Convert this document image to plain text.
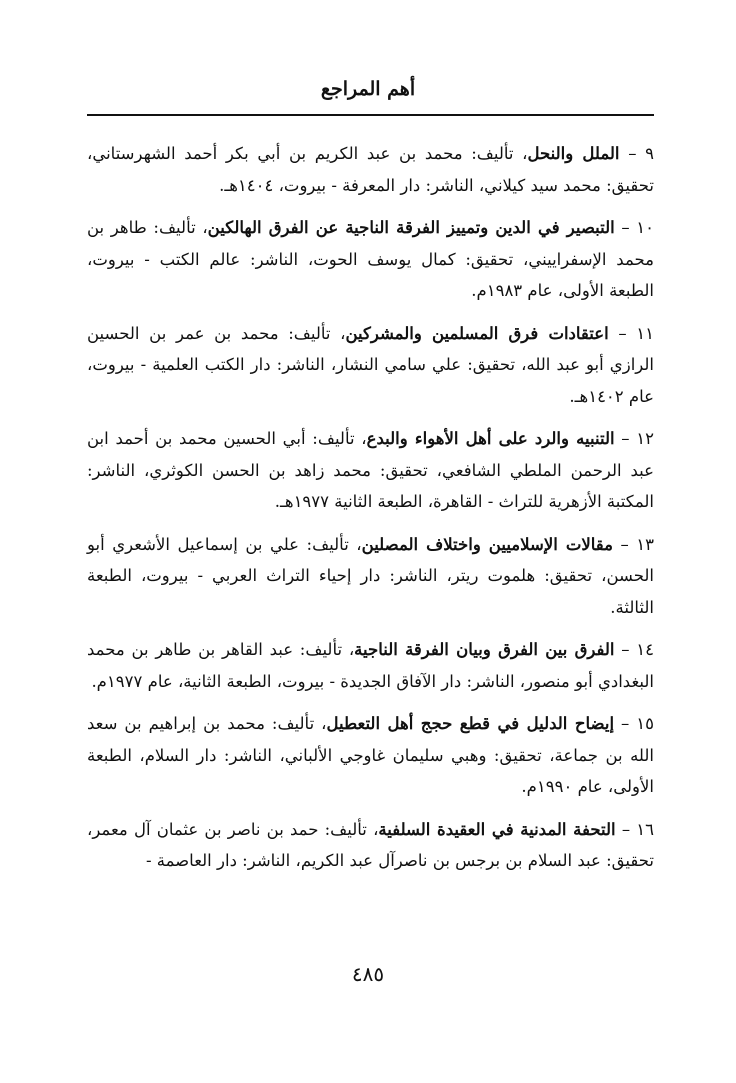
أهم المراجع

٩ – الملل والنحل، تأليف: محمد بن عبد الكريم بن أبي بكر أحمد الشهرستاني، تحقيق: محمد سيد كيلاني، الناشر: دار المعرفة - بيروت، ١٤٠٤هـ.

١٠ – التبصير في الدين وتمييز الفرقة الناجية عن الفرق الهالكين، تأليف: طاهر بن محمد الإسفراييني، تحقيق: كمال يوسف الحوت، الناشر: عالم الكتب - بيروت، الطبعة الأولى، عام ١٩٨٣م.

١١ – اعتقادات فرق المسلمين والمشركين، تأليف: محمد بن عمر بن الحسين الرازي أبو عبد الله، تحقيق: علي سامي النشار، الناشر: دار الكتب العلمية - بيروت، عام ١٤٠٢هـ.

١٢ – التنبيه والرد على أهل الأهواء والبدع، تأليف: أبي الحسين محمد بن أحمد ابن عبد الرحمن الملطي الشافعي، تحقيق: محمد زاهد بن الحسن الكوثري، الناشر: المكتبة الأزهرية للتراث - القاهرة، الطبعة الثانية ١٩٧٧هـ.

١٣ – مقالات الإسلاميين واختلاف المصلين، تأليف: علي بن إسماعيل الأشعري أبو الحسن، تحقيق: هلموت ريتر، الناشر: دار إحياء التراث العربي - بيروت، الطبعة الثالثة.

١٤ – الفرق بين الفرق وبيان الفرقة الناجية، تأليف: عبد القاهر بن طاهر بن محمد البغدادي أبو منصور، الناشر: دار الآفاق الجديدة - بيروت، الطبعة الثانية، عام ١٩٧٧م.

١٥ – إيضاح الدليل في قطع حجج أهل التعطيل، تأليف: محمد بن إبراهيم بن سعد الله بن جماعة، تحقيق: وهبي سليمان غاوجي الألباني، الناشر: دار السلام، الطبعة الأولى، عام ١٩٩٠م.

١٦ – التحفة المدنية في العقيدة السلفية، تأليف: حمد بن ناصر بن عثمان آل معمر، تحقيق: عبد السلام بن برجس بن ناصرآل عبد الكريم، الناشر: دار العاصمة -

٤٨٥
